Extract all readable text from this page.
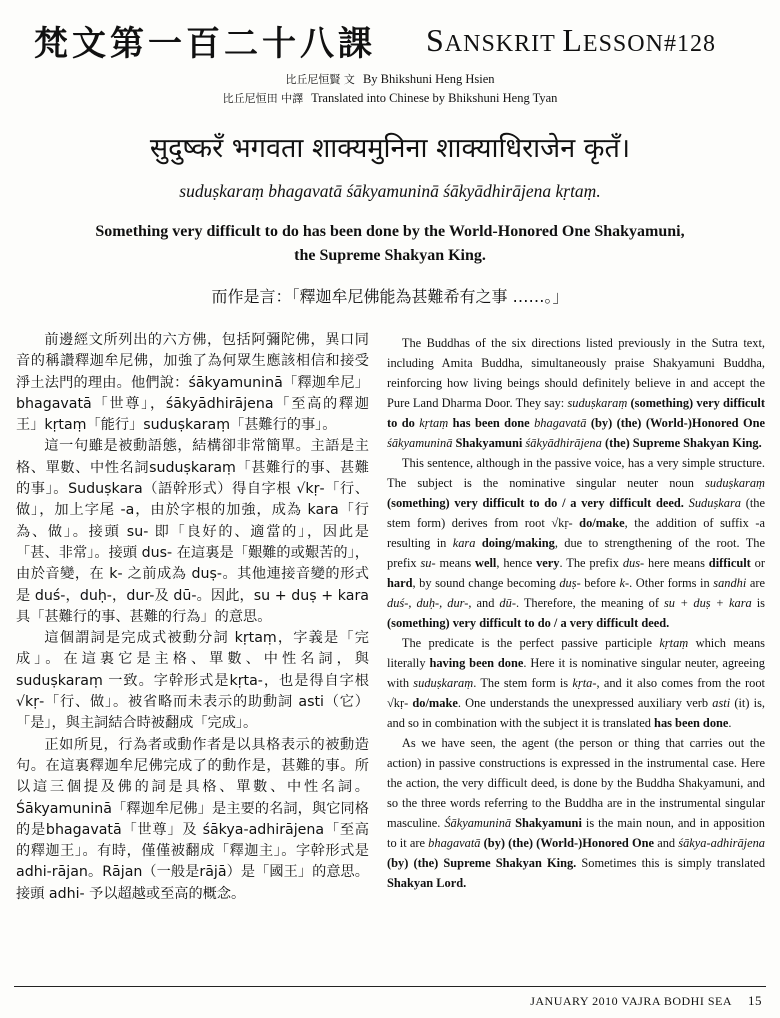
梵文第一百二十八課 SANSKRIT LESSON#128
比丘尼恒賢 文 By Bhikshuni Heng Hsien
比丘尼恒田 中譯 Translated into Chinese by Bhikshuni Heng Tyan
सुदुष्करँ भगवता शाक्यमुनिना शाक्याधिराजेन कृतँ।
suduṣkaraṃ bhagavatā śākyamuninā śākyādhirājena kṛtaṃ.
Something very difficult to do has been done by the World-Honored One Shakyamuni,
the Supreme Shakyan King.
而作是言：「釋迦牟尼佛能為甚難希有之事 ……。」

前邊經文所列出的六方佛，包括阿彌陀佛，異口同音的稱讚釋迦牟尼佛，加強了為何眾生應該相信和接受淨土法門的理由。他們說：śākyamuninā「釋迦牟尼」bhagavatā「世尊」，śākyādhirājena「至高的釋迦王」kṛtaṃ「能行」suduṣkaraṃ「甚難行的事」。

這一句雖是被動語態，結構卻非常簡單。主語是主格、單數、中性名詞suduṣkaraṃ「甚難行的事、甚難的事」。Suduṣkara（語幹形式）得自字根 √kṛ-「行、做」，加上字尾 -a，由於字根的加強，成為 kara「行為、做」。接頭 su- 即「良好的、適當的」，因此是「甚、非常」。接頭 dus- 在這裏是「艱難的或艱苦的」，由於音變，在 k- 之前成為 duṣ-。其他連接音變的形式是 duś-，duḥ-，dur-及 dū-。因此，su + duṣ + kara具「甚難行的事、甚難的行為」的意思。

這個謂詞是完成式被動分詞 kṛtaṃ，字義是「完成」。在這裏它是主格、單數、中性名詞，與suduṣkaraṃ 一致。字幹形式是kṛta-，也是得自字根 √kṛ-「行、做」。被省略而未表示的助動詞 asti（它）「是」，與主詞結合時被翻成「完成」。

正如所見，行為者或動作者是以具格表示的被動造句。在這裏釋迦牟尼佛完成了的動作是，甚難的事。所以這三個提及佛的詞是具格、單數、中性名詞。Śākyamuninā「釋迦牟尼佛」是主要的名詞，與它同格的是bhagavatā「世尊」及 śākya-adhirājena「至高的釋迦王」。有時，僅僅被翻成「釋迦主」。字幹形式是 adhi-rājan。Rājan（一般是rājā）是「國王」的意思。接頭 adhi- 予以超越或至高的概念。

The Buddhas of the six directions listed previously in the Sutra text, including Amita Buddha, simultaneously praise Shakyamuni Buddha, reinforcing how living beings should definitely believe in and accept the Pure Land Dharma Door. They say: suduṣkaraṃ (something) very difficult to do kṛtaṃ has been done bhagavatā (by) (the) (World-)Honored One śākyamuninā Shakyamuni śākyādhirājena (the) Supreme Shakyan King.

This sentence, although in the passive voice, has a very simple structure. The subject is the nominative singular neuter noun suduṣkaraṃ (something) very difficult to do / a very difficult deed. Suduṣkara (the stem form) derives from root √kṛ- do/make, the addition of suffix -a resulting in kara doing/making, due to strengthening of the root. The prefix su- means well, hence very. The prefix dus- here means difficult or hard, by sound change becoming duṣ- before k-. Other forms in sandhi are duś-, duḥ-, dur-, and dū-. Therefore, the meaning of su + duṣ + kara is (something) very difficult to do / a very difficult deed.

The predicate is the perfect passive participle kṛtaṃ which means literally having been done. Here it is nominative singular neuter, agreeing with suduṣkaraṃ. The stem form is kṛta-, and it also comes from the root √kṛ- do/make. One understands the unexpressed auxiliary verb asti (it) is, and so in combination with the subject it is translated has been done.

As we have seen, the agent (the person or thing that carries out the action) in passive constructions is expressed in the instrumental case. Here the action, the very difficult deed, is done by the Buddha Shakyamuni, and so the three words referring to the Buddha are in the instrumental singular masculine. Śākyamuninā Shakyamuni is the main noun, and in apposition to it are bhagavatā (by) (the) (World-)Honored One and śākya-adhirājena (by) (the) Supreme Shakyan King. Sometimes this is simply translated Shakyan Lord.

JANUARY 2010 VAJRA BODHI SEA 15
